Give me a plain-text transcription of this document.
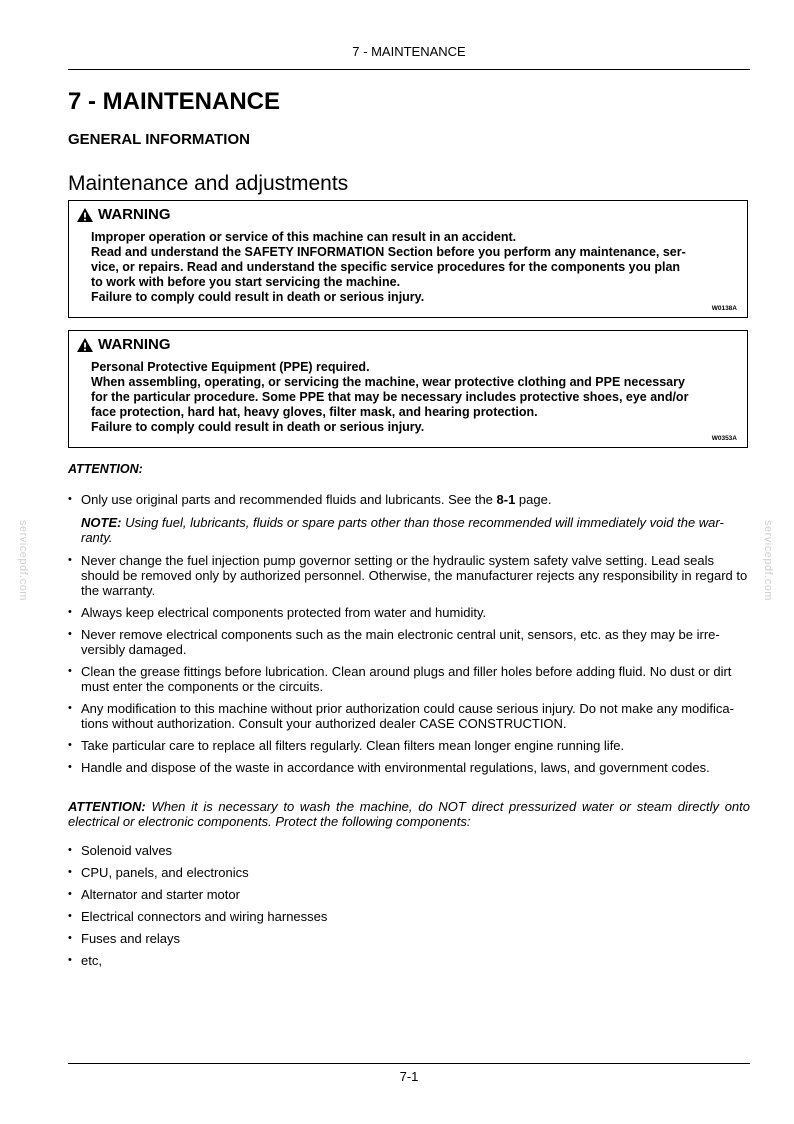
7 - MAINTENANCE
7 - MAINTENANCE
GENERAL INFORMATION
Maintenance and adjustments
WARNING
Improper operation or service of this machine can result in an accident.
Read and understand the SAFETY INFORMATION Section before you perform any maintenance, ser-
vice, or repairs. Read and understand the specific service procedures for the components you plan
to work with before you start servicing the machine.
Failure to comply could result in death or serious injury.
W0138A
WARNING
Personal Protective Equipment (PPE) required.
When assembling, operating, or servicing the machine, wear protective clothing and PPE necessary
for the particular procedure. Some PPE that may be necessary includes protective shoes, eye and/or
face protection, hard hat, heavy gloves, filter mask, and hearing protection.
Failure to comply could result in death or serious injury.
W0353A
ATTENTION:
• Only use original parts and recommended fluids and lubricants. See the 8-1 page.
NOTE: Using fuel, lubricants, fluids or spare parts other than those recommended will immediately void the war-ranty.
• Never change the fuel injection pump governor setting or the hydraulic system safety valve setting. Lead seals should be removed only by authorized personnel. Otherwise, the manufacturer rejects any responsibility in regard to the warranty.
• Always keep electrical components protected from water and humidity.
• Never remove electrical components such as the main electronic central unit, sensors, etc. as they may be irre-versibly damaged.
• Clean the grease fittings before lubrication. Clean around plugs and filler holes before adding fluid. No dust or dirt must enter the components or the circuits.
• Any modification to this machine without prior authorization could cause serious injury. Do not make any modifica-tions without authorization. Consult your authorized dealer CASE CONSTRUCTION.
• Take particular care to replace all filters regularly. Clean filters mean longer engine running life.
• Handle and dispose of the waste in accordance with environmental regulations, laws, and government codes.
ATTENTION: When it is necessary to wash the machine, do NOT direct pressurized water or steam directly onto electrical or electronic components. Protect the following components:
• Solenoid valves
• CPU, panels, and electronics
• Alternator and starter motor
• Electrical connectors and wiring harnesses
• Fuses and relays
• etc,
servicepdf.com	servicepdf.com
7-1
